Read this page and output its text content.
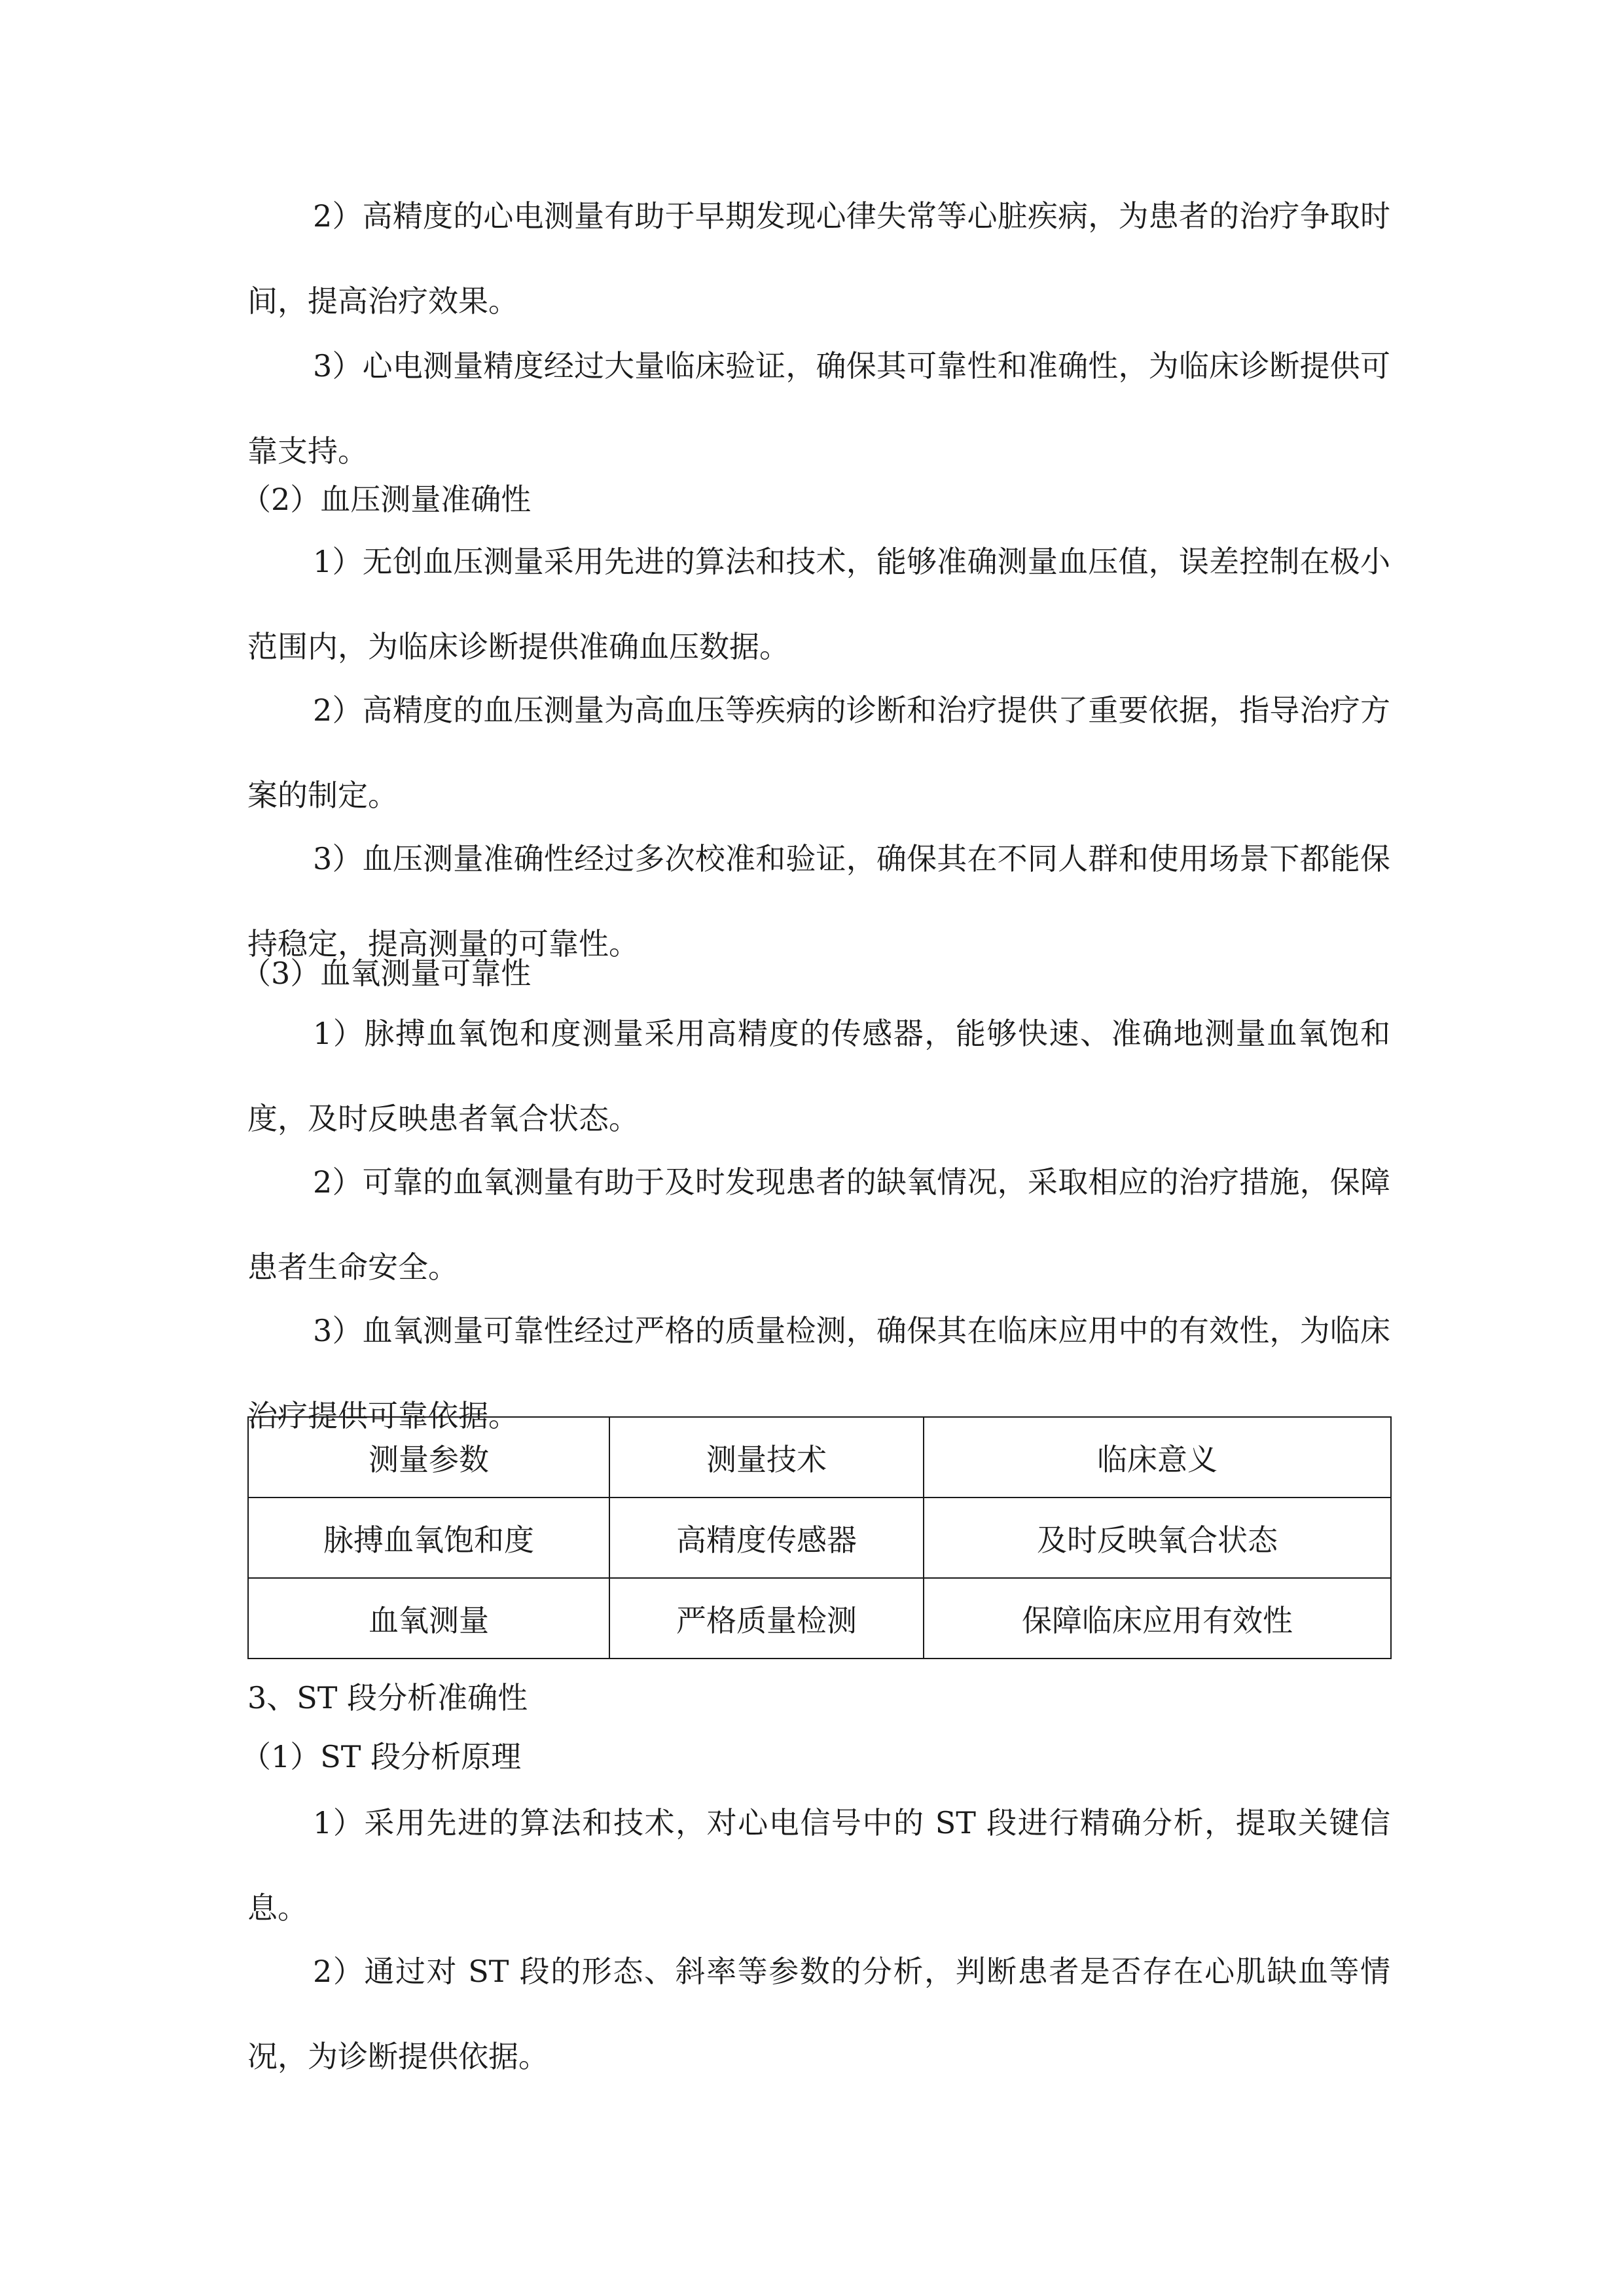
2）高精度的心电测量有助于早期发现心律失常等心脏疾病，为患者的治疗争取时间，提高治疗效果。

3）心电测量精度经过大量临床验证，确保其可靠性和准确性，为临床诊断提供可靠支持。

（2）血压测量准确性

1）无创血压测量采用先进的算法和技术，能够准确测量血压值，误差控制在极小范围内，为临床诊断提供准确血压数据。

2）高精度的血压测量为高血压等疾病的诊断和治疗提供了重要依据，指导治疗方案的制定。

3）血压测量准确性经过多次校准和验证，确保其在不同人群和使用场景下都能保持稳定，提高测量的可靠性。

（3）血氧测量可靠性

1）脉搏血氧饱和度测量采用高精度的传感器，能够快速、准确地测量血氧饱和度，及时反映患者氧合状态。

2）可靠的血氧测量有助于及时发现患者的缺氧情况，采取相应的治疗措施，保障患者生命安全。

3）血氧测量可靠性经过严格的质量检测，确保其在临床应用中的有效性，为临床治疗提供可靠依据。

测量参数	测量技术	临床意义
脉搏血氧饱和度	高精度传感器	及时反映氧合状态
血氧测量	严格质量检测	保障临床应用有效性

3、ST 段分析准确性

（1）ST 段分析原理

1）采用先进的算法和技术，对心电信号中的 ST 段进行精确分析，提取关键信息。

2）通过对 ST 段的形态、斜率等参数的分析，判断患者是否存在心肌缺血等情况，为诊断提供依据。
